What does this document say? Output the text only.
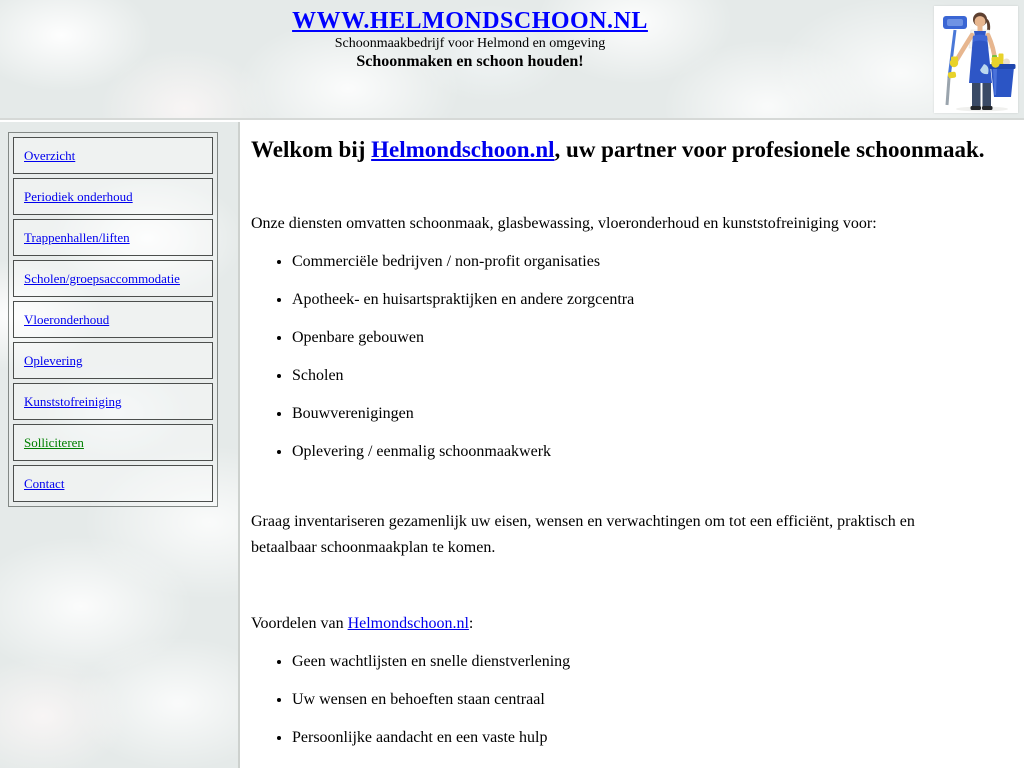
WWW.HELMONDSCHOON.NL
Schoonmaakbedrijf voor Helmond en omgeving
Schoonmaken en schoon houden!
Overzicht
Periodiek onderhoud
Trappenhallen/liften
Scholen/groepsaccommodatie
Vloeronderhoud
Oplevering
Kunststofreiniging
Solliciteren
Contact
Welkom bij Helmondschoon.nl, uw partner voor profesionele schoonmaak.

Onze diensten omvatten schoonmaak, glasbewassing, vloeronderhoud en kunststofreiniging voor:

• Commerciële bedrijven / non-profit organisaties
• Apotheek- en huisartspraktijken en andere zorgcentra
• Openbare gebouwen
• Scholen
• Bouwverenigingen
• Oplevering / eenmalig schoonmaakwerk

Graag inventariseren gezamenlijk uw eisen, wensen en verwachtingen om tot een efficiënt, praktisch en betaalbaar schoonmaakplan te komen.

Voordelen van Helmondschoon.nl:

• Geen wachtlijsten en snelle dienstverlening
• Uw wensen en behoeften staan centraal
• Persoonlijke aandacht en een vaste hulp
